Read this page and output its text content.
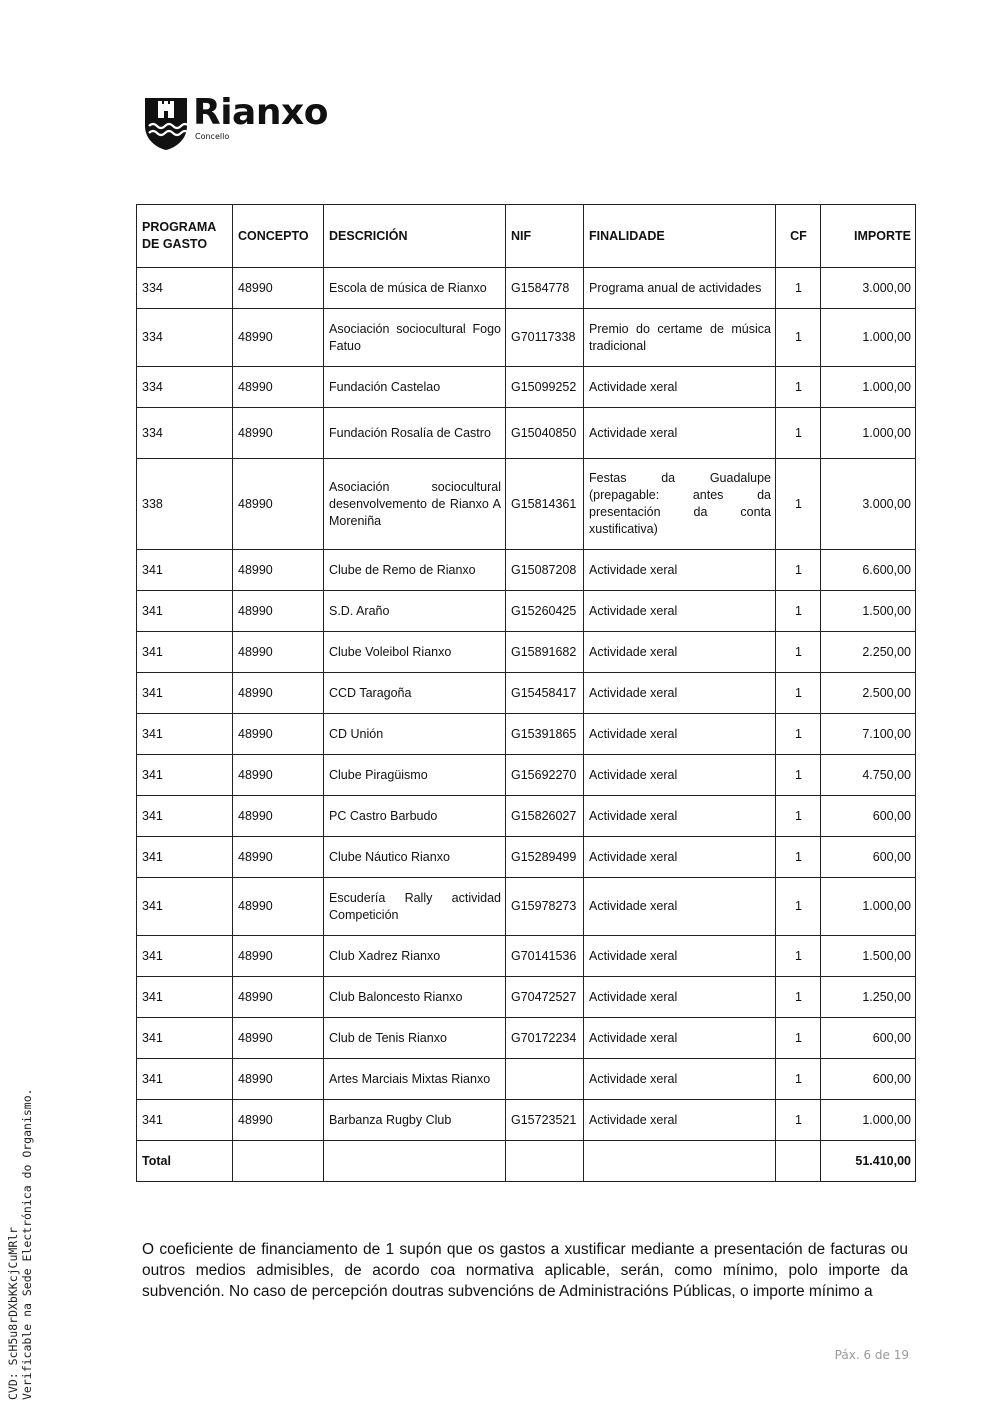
Rianxo
Concello
PROGRAMA DE GASTO	CONCEPTO	DESCRICIÓN	NIF	FINALIDADE	CF	IMPORTE
334	48990	Escola de música de Rianxo	G1584778	Programa anual de actividades	1	3.000,00
334	48990	Asociación sociocultural Fogo Fatuo	G70117338	Premio do certame de música tradicional	1	1.000,00
334	48990	Fundación Castelao	G15099252	Actividade xeral	1	1.000,00
334	48990	Fundación Rosalía de Castro	G15040850	Actividade xeral	1	1.000,00
338	48990	Asociación sociocultural desenvolvemento de Rianxo A Moreniña	G15814361	Festas da Guadalupe (prepagable: antes da presentación da conta xustificativa)	1	3.000,00
341	48990	Clube de Remo de Rianxo	G15087208	Actividade xeral	1	6.600,00
341	48990	S.D. Araño	G15260425	Actividade xeral	1	1.500,00
341	48990	Clube Voleibol Rianxo	G15891682	Actividade xeral	1	2.250,00
341	48990	CCD Taragoña	G15458417	Actividade xeral	1	2.500,00
341	48990	CD Unión	G15391865	Actividade xeral	1	7.100,00
341	48990	Clube Piragüismo	G15692270	Actividade xeral	1	4.750,00
341	48990	PC Castro Barbudo	G15826027	Actividade xeral	1	600,00
341	48990	Clube Náutico Rianxo	G15289499	Actividade xeral	1	600,00
341	48990	Escudería Rally actividad Competición	G15978273	Actividade xeral	1	1.000,00
341	48990	Club Xadrez Rianxo	G70141536	Actividade xeral	1	1.500,00
341	48990	Club Baloncesto Rianxo	G70472527	Actividade xeral	1	1.250,00
341	48990	Club de Tenis Rianxo	G70172234	Actividade xeral	1	600,00
341	48990	Artes Marciais Mixtas Rianxo		Actividade xeral	1	600,00
341	48990	Barbanza Rugby Club	G15723521	Actividade xeral	1	1.000,00
Total						51.410,00
O coeficiente de financiamento de 1 supón que os gastos a xustificar mediante a presentación de facturas ou outros medios admisibles, de acordo coa normativa aplicable, serán, como mínimo, polo importe da subvención. No caso de percepción doutras subvencións de Administracións Públicas, o importe mínimo a
Páx. 6 de 19
CVD: ScH5u8rDXbKKcjCuMRlr Verificable na Sede Electrónica do Organismo.
